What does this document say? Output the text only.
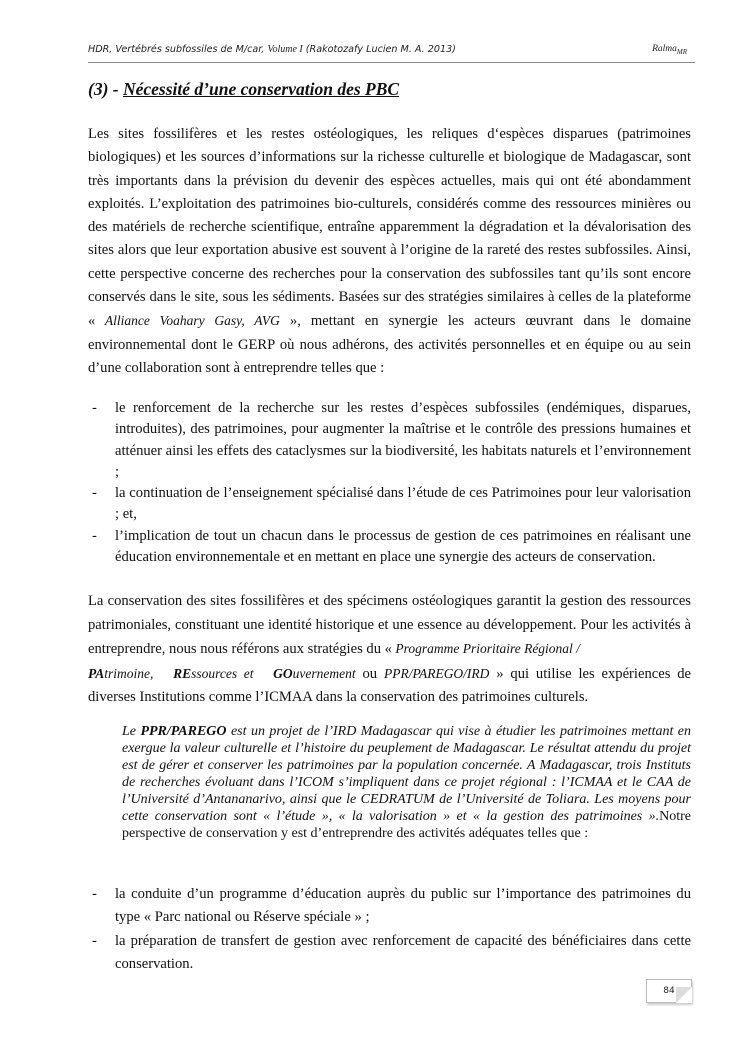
HDR, Vertébrés subfossiles de M/car, Volume I (Rakotozafy Lucien M. A. 2013)	Ralma$_{MR}$
(3) - Nécessité d’une conservation des PBC

Les sites fossilifères et les restes ostéologiques, les reliques d‘espèces disparues (patrimoines biologiques) et les sources d’informations sur la richesse culturelle et biologique de Madagascar, sont très importants dans la prévision du devenir des espèces actuelles, mais qui ont été abondamment exploités. L’exploitation des patrimoines bio-culturels, considérés comme des ressources minières ou des matériels de recherche scientifique, entraîne apparemment la dégradation et la dévalorisation des sites alors que leur exportation abusive est souvent à l’origine de la rareté des restes subfossiles. Ainsi, cette perspective concerne des recherches pour la conservation des subfossiles tant qu’ils sont encore conservés dans le site, sous les sédiments. Basées sur des stratégies similaires à celles de la plateforme « Alliance Voahary Gasy, AVG », mettant en synergie les acteurs œuvrant dans le domaine environnemental dont le GERP où nous adhérons, des activités personnelles et en équipe ou au sein d’une collaboration sont à entreprendre telles que :

- le renforcement de la recherche sur les restes d’espèces subfossiles (endémiques, disparues, introduites), des patrimoines, pour augmenter la maîtrise et le contrôle des pressions humaines et atténuer ainsi les effets des cataclysmes sur la biodiversité, les habitats naturels et l’environnement ;

- la continuation de l’enseignement spécialisé dans l’étude de ces Patrimoines pour leur valorisation ; et,

- l’implication de tout un chacun dans le processus de gestion de ces patrimoines en réalisant une éducation environnementale et en mettant en place une synergie des acteurs de conservation.

La conservation des sites fossilifères et des spécimens ostéologiques garantit la gestion des ressources patrimoniales, constituant une identité historique et une essence au développement. Pour les activités à entreprendre, nous nous référons aux stratégies du « Programme Prioritaire Régional /
PAtrimoine,   REssources et   GOuvernement ou PPR/PAREGO/IRD » qui utilise les expériences de diverses Institutions comme l’ICMAA dans la conservation des patrimoines culturels.

Le PPR/PAREGO est un projet de l’IRD Madagascar qui vise à étudier les patrimoines mettant en exergue la valeur culturelle et l’histoire du peuplement de Madagascar. Le résultat attendu du projet est de gérer et conserver les patrimoines par la population concernée. A Madagascar, trois Instituts de recherches évoluant dans l’ICOM s’impliquent dans ce projet régional : l’ICMAA et le CAA de l’Université d’Antananarivo, ainsi que le CEDRATUM de l’Université de Toliara. Les moyens pour cette conservation sont « l’étude », « la valorisation » et « la gestion des patrimoines ».Notre perspective de conservation y est d’entreprendre des activités adéquates telles que :

- la conduite d’un programme d’éducation auprès du public sur l’importance des patrimoines du type « Parc national ou Réserve spéciale » ;

- la préparation de transfert de gestion avec renforcement de capacité des bénéficiaires dans cette conservation.

84
